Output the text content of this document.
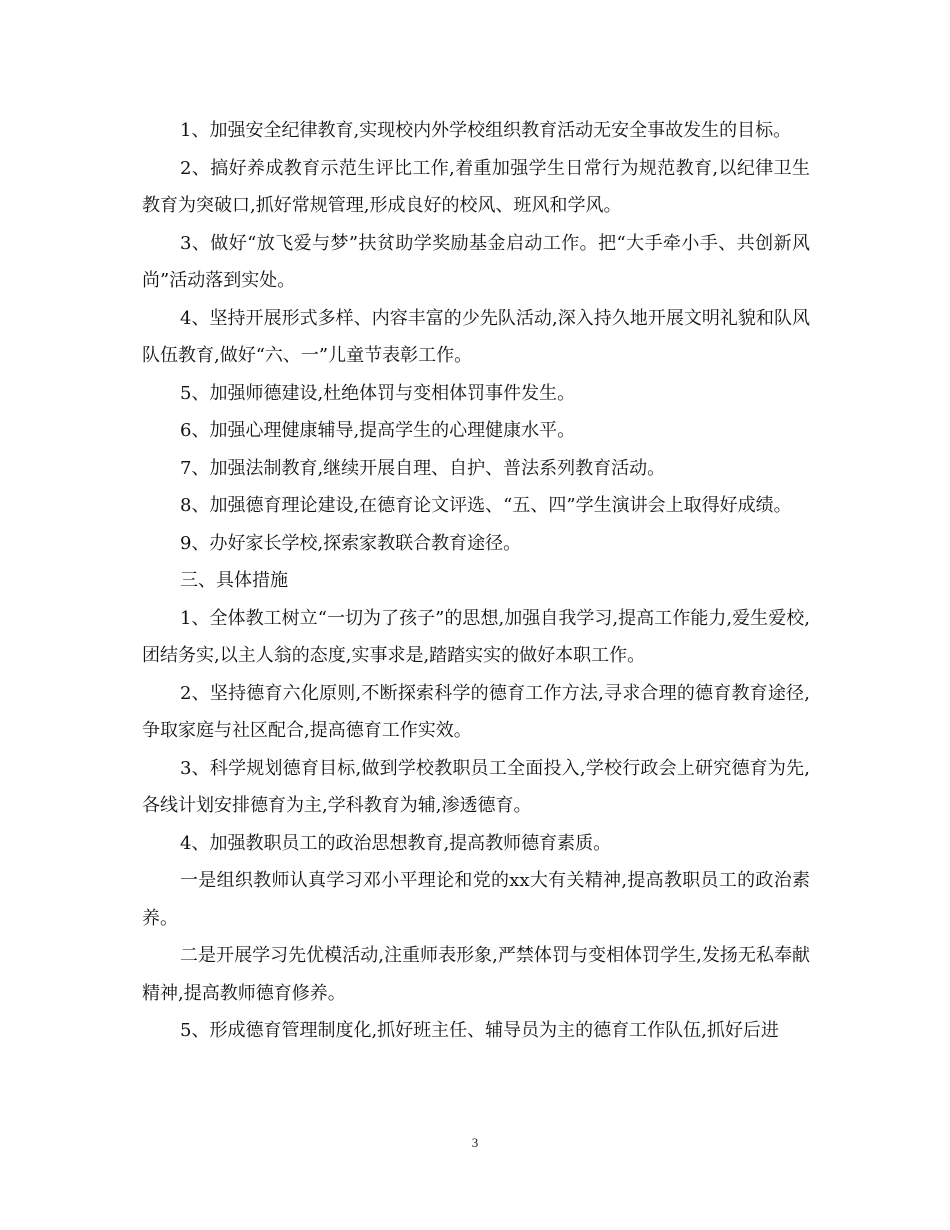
1、加强安全纪律教育,实现校内外学校组织教育活动无安全事故发生的目标。

2、搞好养成教育示范生评比工作,着重加强学生日常行为规范教育,以纪律卫生教育为突破口,抓好常规管理,形成良好的校风、班风和学风。

3、做好“放飞爱与梦”扶贫助学奖励基金启动工作。把“大手牵小手、共创新风尚”活动落到实处。

4、坚持开展形式多样、内容丰富的少先队活动,深入持久地开展文明礼貌和队风队伍教育,做好“六、一”儿童节表彰工作。

5、加强师德建设,杜绝体罚与变相体罚事件发生。

6、加强心理健康辅导,提高学生的心理健康水平。

7、加强法制教育,继续开展自理、自护、普法系列教育活动。

8、加强德育理论建设,在德育论文评选、“五、四”学生演讲会上取得好成绩。

9、办好家长学校,探索家教联合教育途径。

三、具体措施

1、全体教工树立“一切为了孩子”的思想,加强自我学习,提高工作能力,爱生爱校,团结务实,以主人翁的态度,实事求是,踏踏实实的做好本职工作。

2、坚持德育六化原则,不断探索科学的德育工作方法,寻求合理的德育教育途径,争取家庭与社区配合,提高德育工作实效。

3、科学规划德育目标,做到学校教职员工全面投入,学校行政会上研究德育为先,各线计划安排德育为主,学科教育为辅,渗透德育。

4、加强教职员工的政治思想教育,提高教师德育素质。

一是组织教师认真学习邓小平理论和党的xx大有关精神,提高教职员工的政治素养。

二是开展学习先优模活动,注重师表形象,严禁体罚与变相体罚学生,发扬无私奉献精神,提高教师德育修养。

5、形成德育管理制度化,抓好班主任、辅导员为主的德育工作队伍,抓好后进

3
